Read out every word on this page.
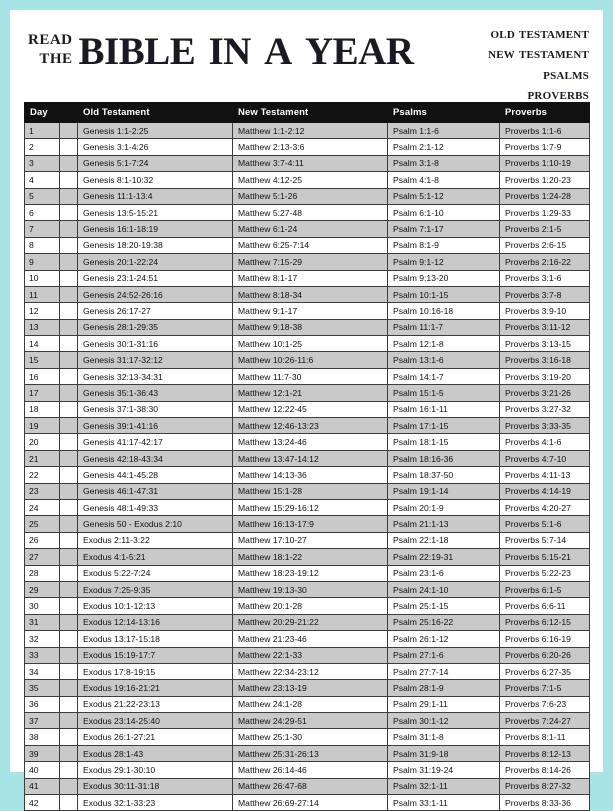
read
the bible in a year	old testament
new testament
psalms
proverbs
Day		Old Testament	New Testament	Psalms	Proverbs
1		Genesis 1:1-2:25	Matthew 1:1-2:12	Psalm 1:1-6	Proverbs 1:1-6
2		Genesis 3:1-4:26	Matthew 2:13-3:6	Psalm 2:1-12	Proverbs 1:7-9
3		Genesis 5:1-7:24	Matthew 3:7-4:11	Psalm 3:1-8	Proverbs 1:10-19
4		Genesis 8:1-10:32	Matthew 4:12-25	Psalm 4:1-8	Proverbs 1:20-23
5		Genesis 11:1-13:4	Matthew 5:1-26	Psalm 5:1-12	Proverbs 1:24-28
6		Genesis 13:5-15:21	Matthew 5:27-48	Psalm 6:1-10	Proverbs 1:29-33
7		Genesis 16:1-18:19	Matthew 6:1-24	Psalm 7:1-17	Proverbs 2:1-5
8		Genesis 18:20-19:38	Matthew 6:25-7:14	Psalm 8:1-9	Proverbs 2:6-15
9		Genesis 20:1-22:24	Matthew 7:15-29	Psalm 9:1-12	Proverbs 2:16-22
10		Genesis 23:1-24:51	Matthew 8:1-17	Psalm 9:13-20	Proverbs 3:1-6
11		Genesis 24:52-26:16	Matthew 8:18-34	Psalm 10:1-15	Proverbs 3:7-8
12		Genesis 26:17-27	Matthew 9:1-17	Psalm 10:16-18	Proverbs 3:9-10
13		Genesis 28:1-29:35	Matthew 9:18-38	Psalm 11:1-7	Proverbs 3:11-12
14		Genesis 30:1-31:16	Matthew 10:1-25	Psalm 12:1-8	Proverbs 3:13-15
15		Genesis 31:17-32:12	Matthew 10:26-11:6	Psalm 13:1-6	Proverbs 3:16-18
16		Genesis 32:13-34:31	Matthew 11:7-30	Psalm 14:1-7	Proverbs 3:19-20
17		Genesis 35:1-36:43	Matthew 12:1-21	Psalm 15:1-5	Proverbs 3:21-26
18		Genesis 37:1-38:30	Matthew 12:22-45	Psalm 16:1-11	Proverbs 3:27-32
19		Genesis 39:1-41:16	Matthew 12:46-13:23	Psalm 17:1-15	Proverbs 3:33-35
20		Genesis 41:17-42:17	Matthew 13:24-46	Psalm 18:1-15	Proverbs 4:1-6
21		Genesis 42:18-43:34	Matthew 13:47-14:12	Psalm 18:16-36	Proverbs 4:7-10
22		Genesis 44:1-45:28	Matthew 14:13-36	Psalm 18:37-50	Proverbs 4:11-13
23		Genesis 46:1-47:31	Matthew 15:1-28	Psalm 19:1-14	Proverbs 4:14-19
24		Genesis 48:1-49:33	Matthew 15:29-16:12	Psalm 20:1-9	Proverbs 4:20-27
25		Genesis 50 - Exodus 2:10	Matthew 16:13-17:9	Psalm 21:1-13	Proverbs 5:1-6
26		Exodus 2:11-3:22	Matthew 17:10-27	Psalm 22:1-18	Proverbs 5:7-14
27		Exodus 4:1-5:21	Matthew 18:1-22	Psalm 22:19-31	Proverbs 5:15-21
28		Exodus 5:22-7:24	Matthew 18:23-19:12	Psalm 23:1-6	Proverbs 5:22-23
29		Exodus 7:25-9:35	Matthew 19:13-30	Psalm 24:1-10	Proverbs 6:1-5
30		Exodus 10:1-12:13	Matthew 20:1-28	Psalm 25:1-15	Proverbs 6:6-11
31		Exodus 12:14-13:16	Matthew 20:29-21:22	Psalm 25:16-22	Proverbs 6:12-15
32		Exodus 13:17-15:18	Matthew 21:23-46	Psalm 26:1-12	Proverbs 6:16-19
33		Exodus 15:19-17:7	Matthew 22:1-33	Psalm 27:1-6	Proverbs 6:20-26
34		Exodus 17:8-19:15	Matthew 22:34-23:12	Psalm 27:7-14	Proverbs 6:27-35
35		Exodus 19:16-21:21	Matthew 23:13-19	Psalm 28:1-9	Proverbs 7:1-5
36		Exodus 21:22-23:13	Matthew 24:1-28	Psalm 29:1-11	Proverbs 7:6-23
37		Exodus 23:14-25:40	Matthew 24:29-51	Psalm 30:1-12	Proverbs 7:24-27
38		Exodus 26:1-27:21	Matthew 25:1-30	Psalm 31:1-8	Proverbs 8:1-11
39		Exodus 28:1-43	Matthew 25:31-26:13	Psalm 31:9-18	Proverbs 8:12-13
40		Exodus 29:1-30:10	Matthew 26:14-46	Psalm 31:19-24	Proverbs 8:14-26
41		Exodus 30:11-31:18	Matthew 26:47-68	Psalm 32:1-11	Proverbs 8:27-32
42		Exodus 32:1-33:23	Matthew 26:69-27:14	Psalm 33:1-11	Proverbs 8:33-36
